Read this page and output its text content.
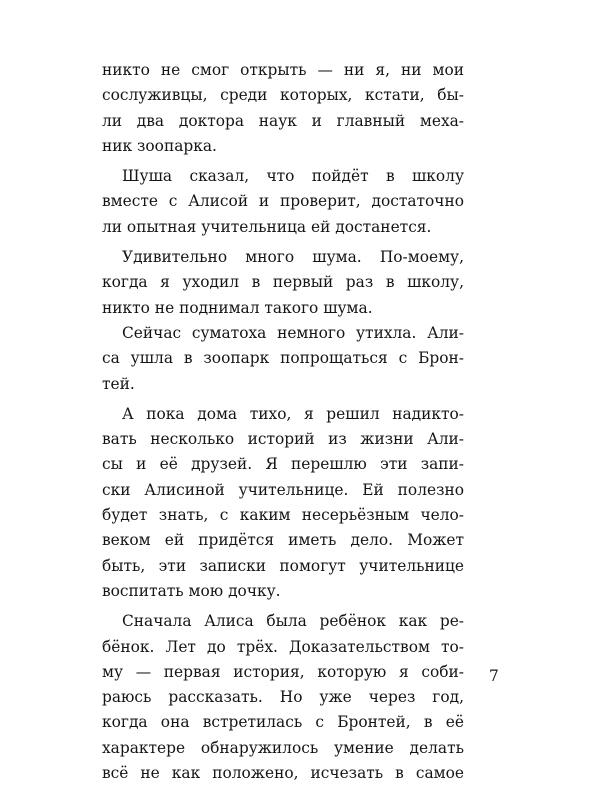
никто не смог открыть — ни я, ни мои
сослуживцы, среди которых, кстати, бы-
ли два доктора наук и главный меха-
ник зоопарка.
Шуша сказал, что пойдёт в школу
вместе с Алисой и проверит, достаточно
ли опытная учительница ей достанется.
Удивительно много шума. По-моему,
когда я уходил в первый раз в школу,
никто не поднимал такого шума.
Сейчас суматоха немного утихла. Али-
са ушла в зоопарк попрощаться с Брон-
тей.
А пока дома тихо, я решил надикто-
вать несколько историй из жизни Али-
сы и её друзей. Я перешлю эти запи-
ски Алисиной учительнице. Ей полезно
будет знать, с каким несерьёзным чело-
веком ей придётся иметь дело. Может
быть, эти записки помогут учительнице
воспитать мою дочку.
Сначала Алиса была ребёнок как ре-
бёнок. Лет до трёх. Доказательством то-
му — первая история, которую я соби-
раюсь рассказать. Но уже через год,
когда она встретилась с Бронтей, в её
характере обнаружилось умение делать
всё не как положено, исчезать в самое
7
